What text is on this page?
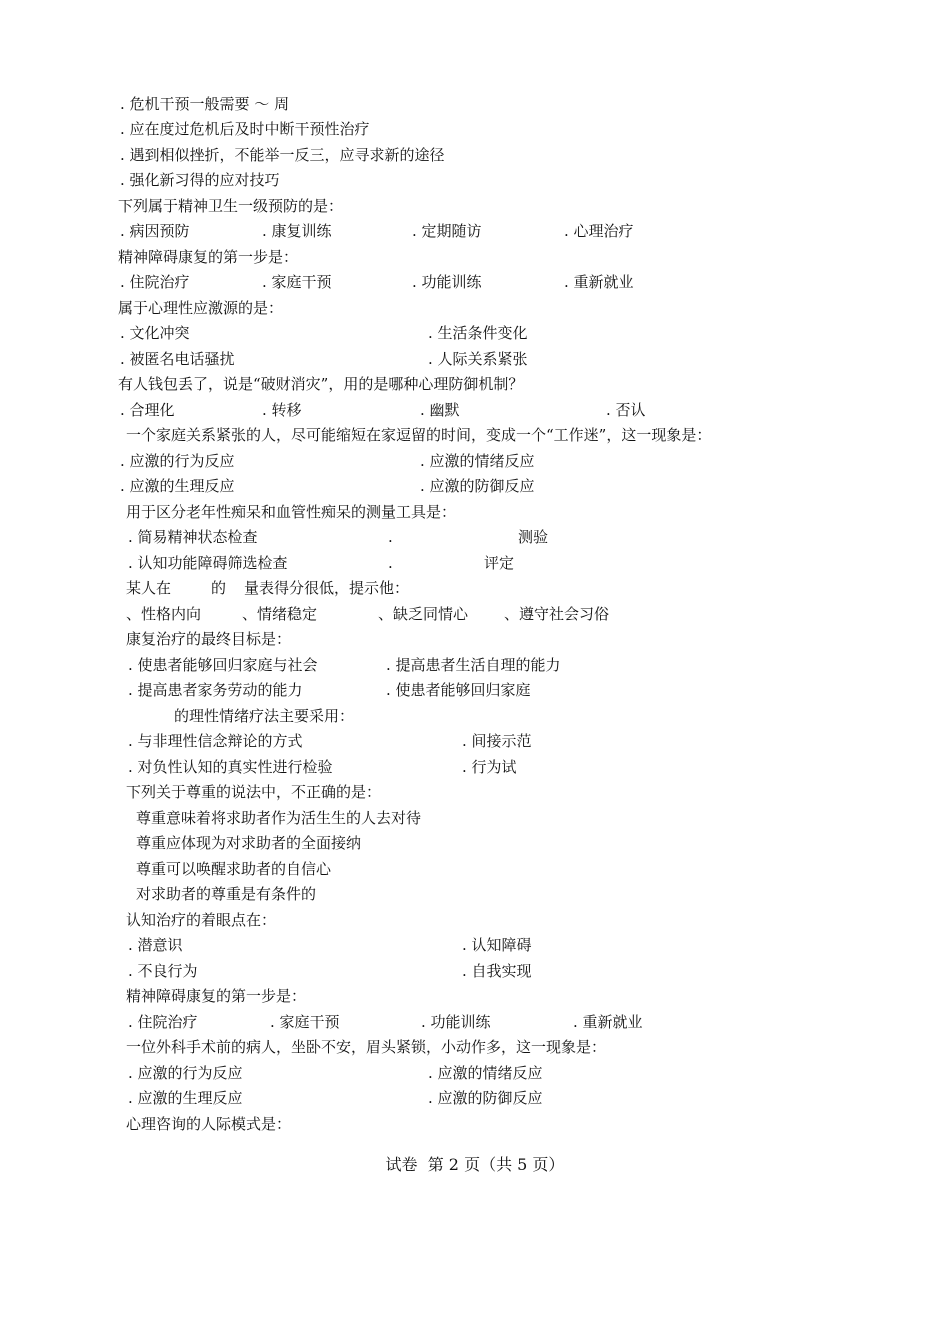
. 危机干预一般需要 ～ 周
. 应在度过危机后及时中断干预性治疗
. 遇到相似挫折，不能举一反三，应寻求新的途径
. 强化新习得的应对技巧
下列属于精神卫生一级预防的是：
. 病因预防	. 康复训练	. 定期随访	. 心理治疗
精神障碍康复的第一步是：
. 住院治疗	. 家庭干预	. 功能训练	. 重新就业
属于心理性应激源的是：
. 文化冲突	. 生活条件变化
. 被匿名电话骚扰	. 人际关系紧张
有人钱包丢了，说是“破财消灾”，用的是哪种心理防御机制？
. 合理化	. 转移	. 幽默	. 否认
一个家庭关系紧张的人，尽可能缩短在家逗留的时间，变成一个“工作迷”，这一现象是：
. 应激的行为反应	. 应激的情绪反应
. 应激的生理反应	. 应激的防御反应
用于区分老年性痴呆和血管性痴呆的测量工具是：
. 简易精神状态检查	.	测验
. 认知功能障碍筛选检查	.	评定
某人在	的 量表得分很低，提示他：
、性格内向	、情绪稳定	、缺乏同情心 、遵守社会习俗
康复治疗的最终目标是：
. 使患者能够回归家庭与社会	. 提高患者生活自理的能力
. 提高患者家务劳动的能力	. 使患者能够回归家庭
的理性情绪疗法主要采用：
. 与非理性信念辩论的方式	. 间接示范
. 对负性认知的真实性进行检验	. 行为试
下列关于尊重的说法中，不正确的是：
尊重意味着将求助者作为活生生的人去对待
尊重应体现为对求助者的全面接纳
尊重可以唤醒求助者的自信心
对求助者的尊重是有条件的
认知治疗的着眼点在：
. 潜意识	. 认知障碍
. 不良行为	. 自我实现
精神障碍康复的第一步是：
. 住院治疗	. 家庭干预	. 功能训练	. 重新就业
一位外科手术前的病人，坐卧不安，眉头紧锁，小动作多，这一现象是：
. 应激的行为反应	. 应激的情绪反应
. 应激的生理反应	. 应激的防御反应
心理咨询的人际模式是：
试卷  第 2 页（共 5 页）
